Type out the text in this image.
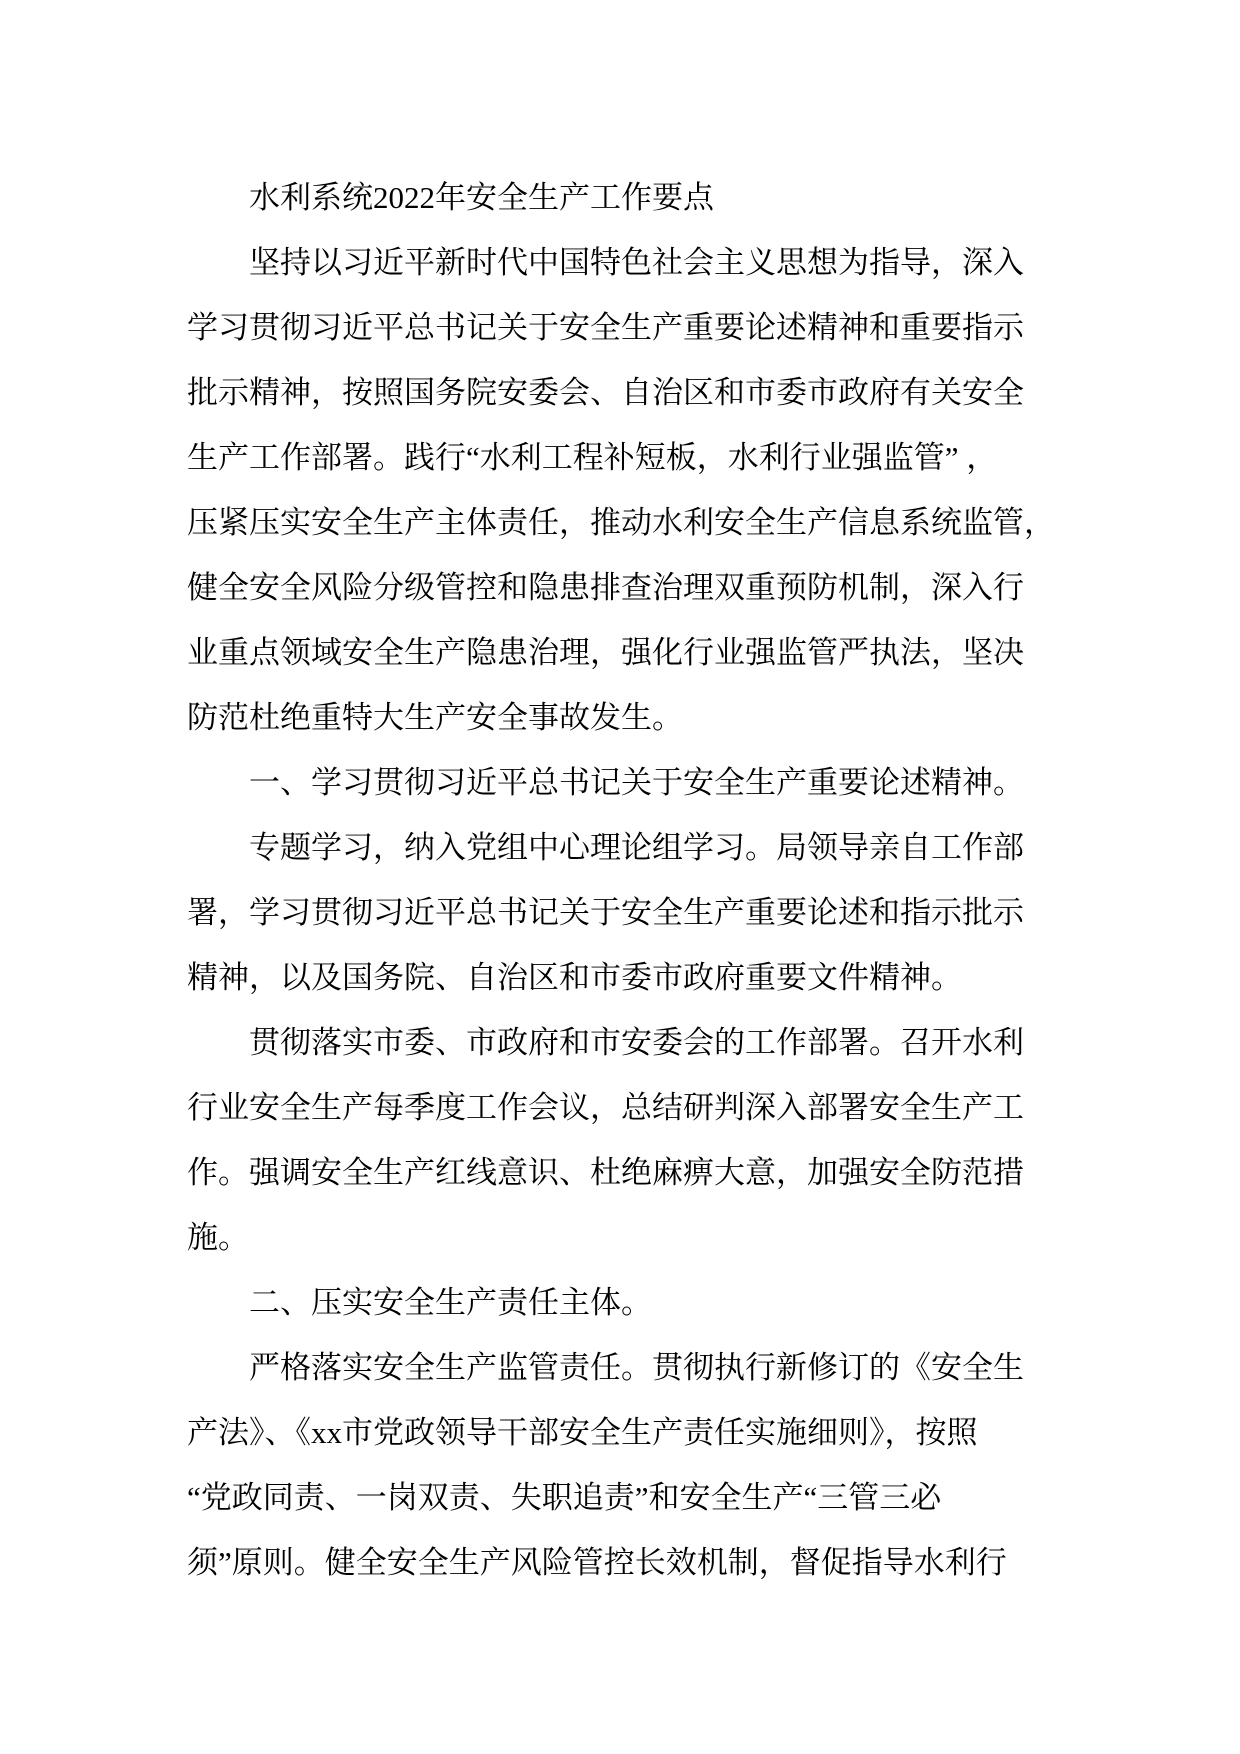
水利系统2022年安全生产工作要点
坚持以习近平新时代中国特色社会主义思想为指导，深入
学习贯彻习近平总书记关于安全生产重要论述精神和重要指示
批示精神，按照国务院安委会、自治区和市委市政府有关安全
生产工作部署。践行“水利工程补短板，水利行业强监管” ，
压紧压实安全生产主体责任，推动水利安全生产信息系统监管，
健全安全风险分级管控和隐患排查治理双重预防机制，深入行
业重点领域安全生产隐患治理，强化行业强监管严执法，坚决
防范杜绝重特大生产安全事故发生。
一、学习贯彻习近平总书记关于安全生产重要论述精神。
专题学习，纳入党组中心理论组学习。局领导亲自工作部
署，学习贯彻习近平总书记关于安全生产重要论述和指示批示
精神，以及国务院、自治区和市委市政府重要文件精神。
贯彻落实市委、市政府和市安委会的工作部署。召开水利
行业安全生产每季度工作会议，总结研判深入部署安全生产工
作。强调安全生产红线意识、杜绝麻痹大意，加强安全防范措
施。
二、压实安全生产责任主体。
严格落实安全生产监管责任。贯彻执行新修订的《安全生
产法》、《xx市党政领导干部安全生产责任实施细则》，按照
“党政同责、一岗双责、失职追责”和安全生产“三管三必
须”原则。健全安全生产风险管控长效机制，督促指导水利行
